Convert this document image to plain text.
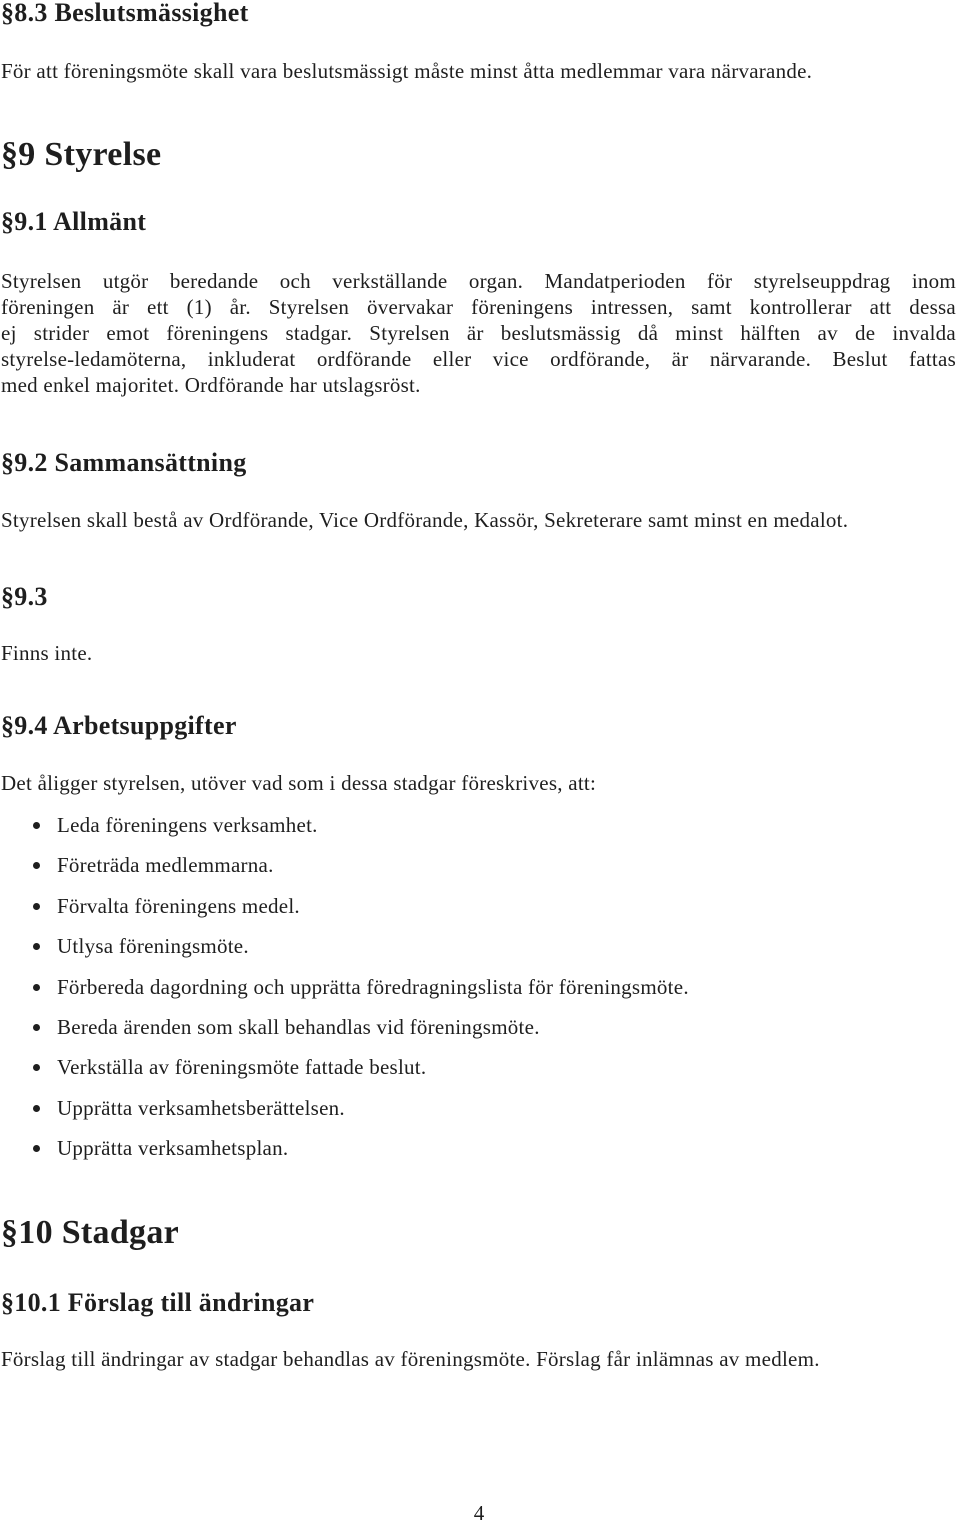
§8.3 Beslutsmässighet

För att föreningsmöte skall vara beslutsmässigt måste minst åtta medlemmar vara närvarande.

§9 Styrelse
§9.1 Allmänt
Styrelsen utgör beredande och verkställande organ. Mandatperioden för styrelseuppdrag inom
föreningen är ett (1) år. Styrelsen övervakar föreningens intressen, samt kontrollerar att dessa
ej strider emot föreningens stadgar. Styrelsen är beslutsmässig då minst hälften av de invalda
styrelse-ledamöterna, inkluderat ordförande eller vice ordförande, är närvarande. Beslut fattas
med enkel majoritet. Ordförande har utslagsröst.
§9.2 Sammansättning

Styrelsen skall bestå av Ordförande, Vice Ordförande, Kassör, Sekreterare samt minst en medalot.

§9.3

Finns inte.

§9.4 Arbetsuppgifter

Det åligger styrelsen, utöver vad som i dessa stadgar föreskrives, att:

Leda föreningens verksamhet.
Företräda medlemmarna.
Förvalta föreningens medel.
Utlysa föreningsmöte.
Förbereda dagordning och upprätta föredragningslista för föreningsmöte.
Bereda ärenden som skall behandlas vid föreningsmöte.
Verkställa av föreningsmöte fattade beslut.
Upprätta verksamhetsberättelsen.
Upprätta verksamhetsplan.
§10 Stadgar
§10.1 Förslag till ändringar

Förslag till ändringar av stadgar behandlas av föreningsmöte. Förslag får inlämnas av medlem.

4
